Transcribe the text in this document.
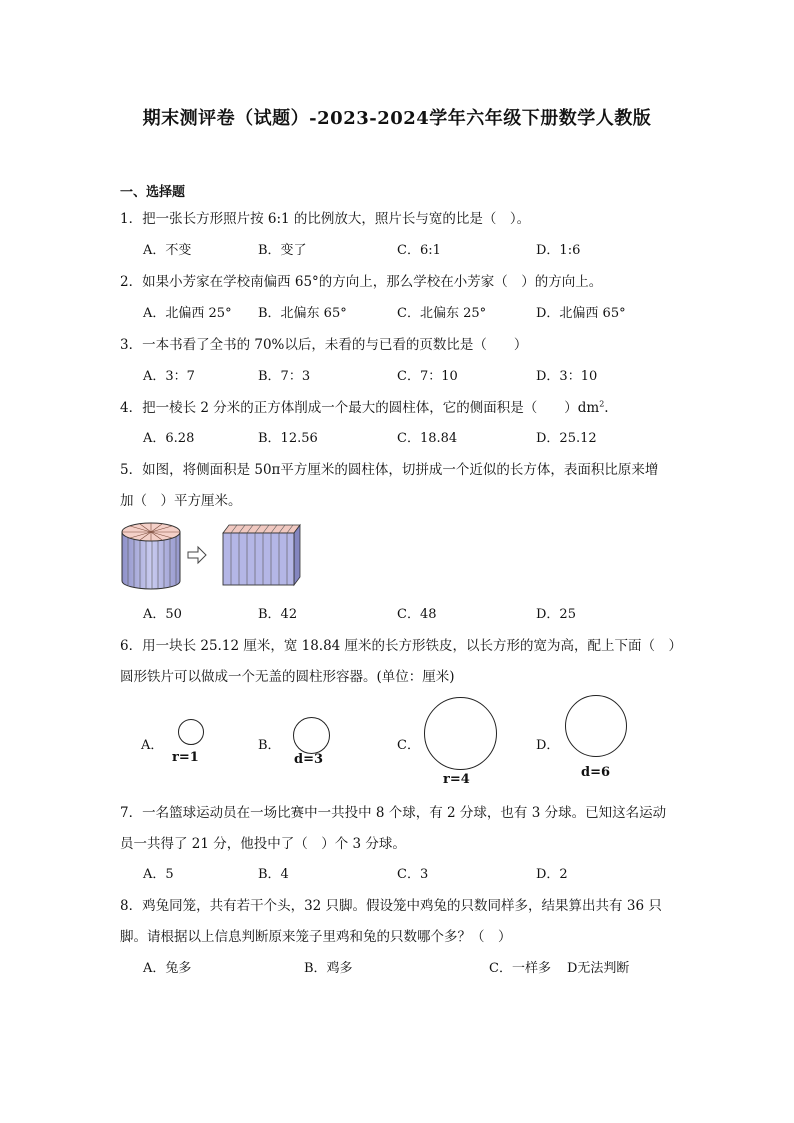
期末测评卷（试题）-2023-2024学年六年级下册数学人教版
一、选择题
1．把一张长方形照片按 6:1 的比例放大，照片长与宽的比是（　）。
A．不变	B．变了	C．6:1	D．1:6
2．如果小芳家在学校南偏西 65°的方向上，那么学校在小芳家（　）的方向上。
A．北偏西 25° B．北偏东 65°	C．北偏东 25°	D．北偏西 65°
3．一本书看了全书的 70%以后，未看的与已看的页数比是（　　）
A．3：7	B．7：3	C．7：10	D．3：10
4．把一棱长 2 分米的正方体削成一个最大的圆柱体，它的侧面积是（　　）$dm^2$.
A．6.28	B．12.56	C．18.84	D．25.12
5．如图，将侧面积是 50π平方厘米的圆柱体，切拼成一个近似的长方体，表面积比原来增
加（　）平方厘米。
A．50	B．42	C．48	D．25
6．用一块长 25.12 厘米，宽 18.84 厘米的长方形铁皮，以长方形的宽为高，配上下面（　）
圆形铁片可以做成一个无盖的圆柱形容器。(单位：厘米)
A．
r=1
B．
d=3
C．
r=4
D．
d=6
7．一名篮球运动员在一场比赛中一共投中 8 个球，有 2 分球，也有 3 分球。已知这名运动
员一共得了 21 分，他投中了（　）个 3 分球。
A．5	B．4	C．3	D．2
8．鸡兔同笼，共有若干个头，32 只脚。假设笼中鸡兔的只数同样多，结果算出共有 36 只
脚。请根据以上信息判断原来笼子里鸡和兔的只数哪个多？（　）
A．兔多	B．鸡多	C．一样多 D无法判断
